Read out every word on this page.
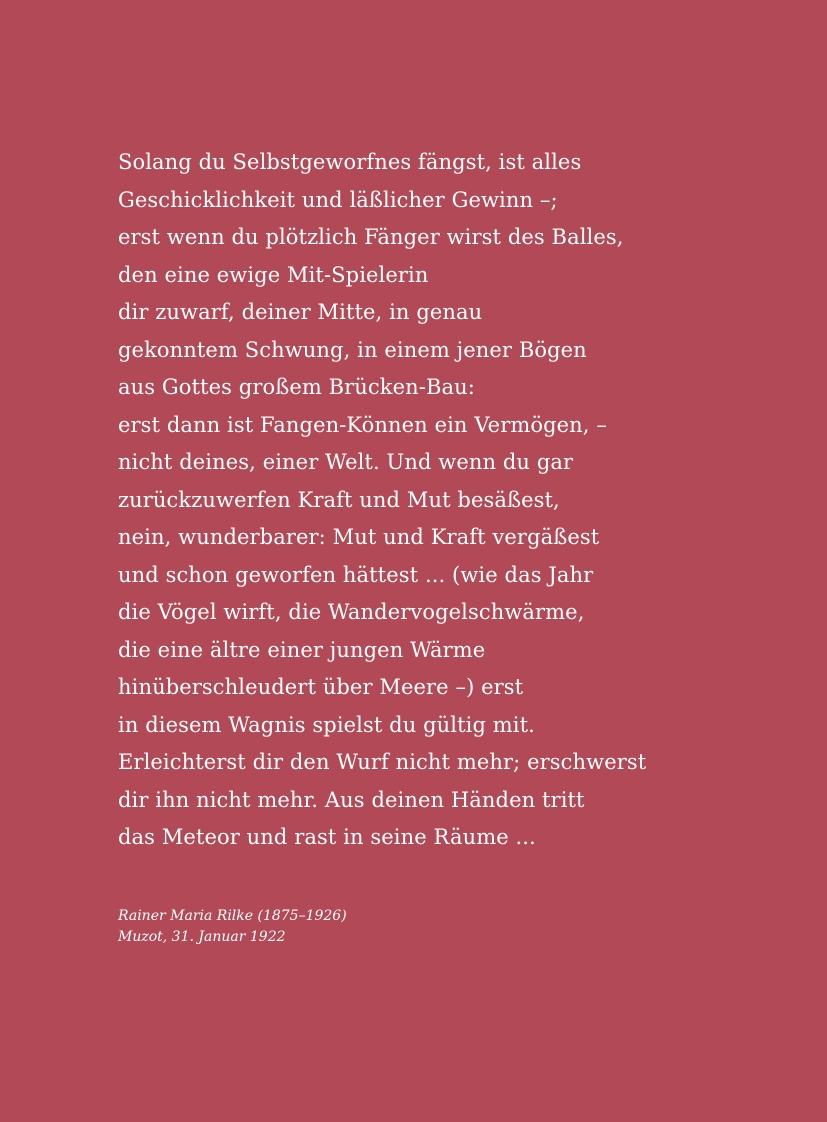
Solang du Selbstgeworfnes fängst, ist alles
Geschicklichkeit und läßlicher Gewinn –;
erst wenn du plötzlich Fänger wirst des Balles,
den eine ewige Mit-Spielerin
dir zuwarf, deiner Mitte, in genau
gekonntem Schwung, in einem jener Bögen
aus Gottes großem Brücken-Bau:
erst dann ist Fangen-Können ein Vermögen, –
nicht deines, einer Welt. Und wenn du gar
zurückzuwerfen Kraft und Mut besäßest,
nein, wunderbarer: Mut und Kraft vergäßest
und schon geworfen hättest ... (wie das Jahr
die Vögel wirft, die Wandervogelschwärme,
die eine ältre einer jungen Wärme
hinüberschleudert über Meere –) erst
in diesem Wagnis spielst du gültig mit.
Erleichterst dir den Wurf nicht mehr; erschwerst
dir ihn nicht mehr. Aus deinen Händen tritt
das Meteor und rast in seine Räume ...
Rainer Maria Rilke (1875–1926)
Muzot, 31. Januar 1922
